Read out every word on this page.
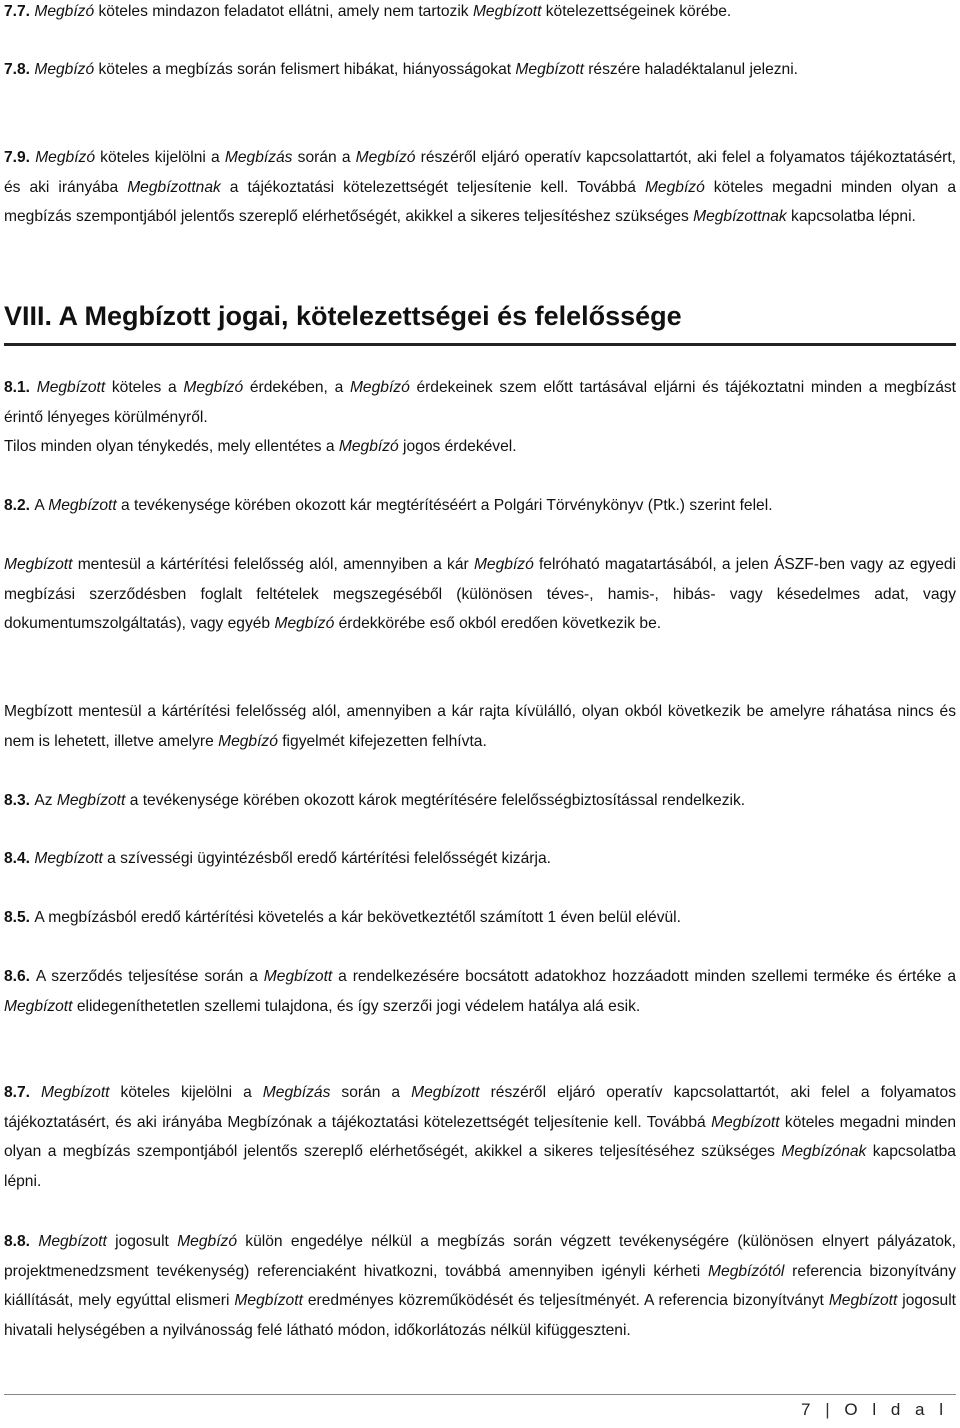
7.7. Megbízó köteles mindazon feladatot ellátni, amely nem tartozik Megbízott kötelezettségeinek körébe.

7.8. Megbízó köteles a megbízás során felismert hibákat, hiányosságokat Megbízott részére haladéktalanul jelezni.

7.9. Megbízó köteles kijelölni a Megbízás során a Megbízó részéről eljáró operatív kapcsolattartót, aki felel a folyamatos tájékoztatásért, és aki irányába Megbízottnak a tájékoztatási kötelezettségét teljesítenie kell. Továbbá Megbízó köteles megadni minden olyan a megbízás szempontjából jelentős szereplő elérhetőségét, akikkel a sikeres teljesítéshez szükséges Megbízottnak kapcsolatba lépni.

VIII. A Megbízott jogai, kötelezettségei és felelőssége

8.1. Megbízott köteles a Megbízó érdekében, a Megbízó érdekeinek szem előtt tartásával eljárni és tájékoztatni minden a megbízást érintő lényeges körülményről.

Tilos minden olyan ténykedés, mely ellentétes a Megbízó jogos érdekével.

8.2. A Megbízott a tevékenysége körében okozott kár megtérítéséért a Polgári Törvénykönyv (Ptk.) szerint felel.

Megbízott mentesül a kártérítési felelősség alól, amennyiben a kár Megbízó felróható magatartásából, a jelen ÁSZF-ben vagy az egyedi megbízási szerződésben foglalt feltételek megszegéséből (különösen téves-, hamis-, hibás- vagy késedelmes adat, vagy dokumentumszolgáltatás), vagy egyéb Megbízó érdekkörébe eső okból eredően következik be.

Megbízott mentesül a kártérítési felelősség alól, amennyiben a kár rajta kívülálló, olyan okból következik be amelyre ráhatása nincs és nem is lehetett, illetve amelyre Megbízó figyelmét kifejezetten felhívta.

8.3. Az Megbízott a tevékenysége körében okozott károk megtérítésére felelősségbiztosítással rendelkezik.

8.4. Megbízott a szívességi ügyintézésből eredő kártérítési felelősségét kizárja.

8.5. A megbízásból eredő kártérítési követelés a kár bekövetkeztétől számított 1 éven belül elévül.

8.6. A szerződés teljesítése során a Megbízott a rendelkezésére bocsátott adatokhoz hozzáadott minden szellemi terméke és értéke a Megbízott elidegeníthetetlen szellemi tulajdona, és így szerzői jogi védelem hatálya alá esik.

8.7. Megbízott köteles kijelölni a Megbízás során a Megbízott részéről eljáró operatív kapcsolattartót, aki felel a folyamatos tájékoztatásért, és aki irányába Megbízónak a tájékoztatási kötelezettségét teljesítenie kell. Továbbá Megbízott köteles megadni minden olyan a megbízás szempontjából jelentős szereplő elérhetőségét, akikkel a sikeres teljesítéséhez szükséges Megbízónak kapcsolatba lépni.

8.8. Megbízott jogosult Megbízó külön engedélye nélkül a megbízás során végzett tevékenységére (különösen elnyert pályázatok, projektmenedzsment tevékenység) referenciaként hivatkozni, továbbá amennyiben igényli kérheti Megbízótól referencia bizonyítvány kiállítását, mely egyúttal elismeri Megbízott eredményes közreműködését és teljesítményét. A referencia bizonyítványt Megbízott jogosult hivatali helységében a nyilvánosság felé látható módon, időkorlátozás nélkül kifüggeszteni.

7 | O l d a l
